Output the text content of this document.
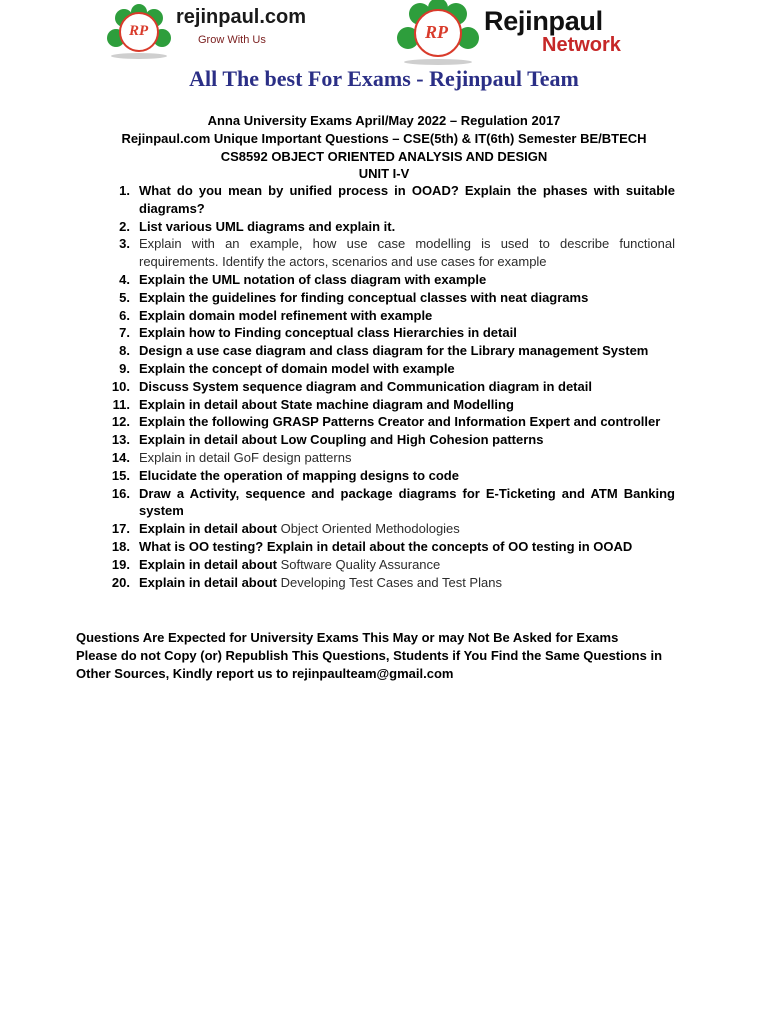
RP
rejinpaul.com
Grow With Us	RP Rejinpaul
Network
All The best For Exams - Rejinpaul Team
Anna University Exams April/May 2022 – Regulation 2017
Rejinpaul.com Unique Important Questions – CSE(5th) & IT(6th) Semester BE/BTECH
CS8592 OBJECT ORIENTED ANALYSIS AND DESIGN
UNIT I-V
1. What do you mean by unified process in OOAD? Explain the phases with suitable diagrams?
2. List various UML diagrams and explain it.
3. Explain with an example, how use case modelling is used to describe functional requirements. Identify the actors, scenarios and use cases for example
4. Explain the UML notation of class diagram with example
5. Explain the guidelines for finding conceptual classes with neat diagrams
6. Explain domain model refinement with example
7. Explain how to Finding conceptual class Hierarchies in detail
8. Design a use case diagram and class diagram for the Library management System
9. Explain the concept of domain model with example
10. Discuss System sequence diagram and Communication diagram in detail
11. Explain in detail about State machine diagram and Modelling
12. Explain the following GRASP Patterns Creator and Information Expert and controller
13. Explain in detail about Low Coupling and High Cohesion patterns
14. Explain in detail GoF design patterns
15. Elucidate the operation of mapping designs to code
16. Draw a Activity, sequence and package diagrams for E-Ticketing and ATM Banking system
17. Explain in detail about Object Oriented Methodologies
18. What is OO testing? Explain in detail about the concepts of OO testing in OOAD
19. Explain in detail about Software Quality Assurance
20. Explain in detail about Developing Test Cases and Test Plans
Questions Are Expected for University Exams This May or may Not Be Asked for Exams
Please do not Copy (or) Republish This Questions, Students if You Find the Same Questions in Other Sources, Kindly report us to rejinpaulteam@gmail.com
